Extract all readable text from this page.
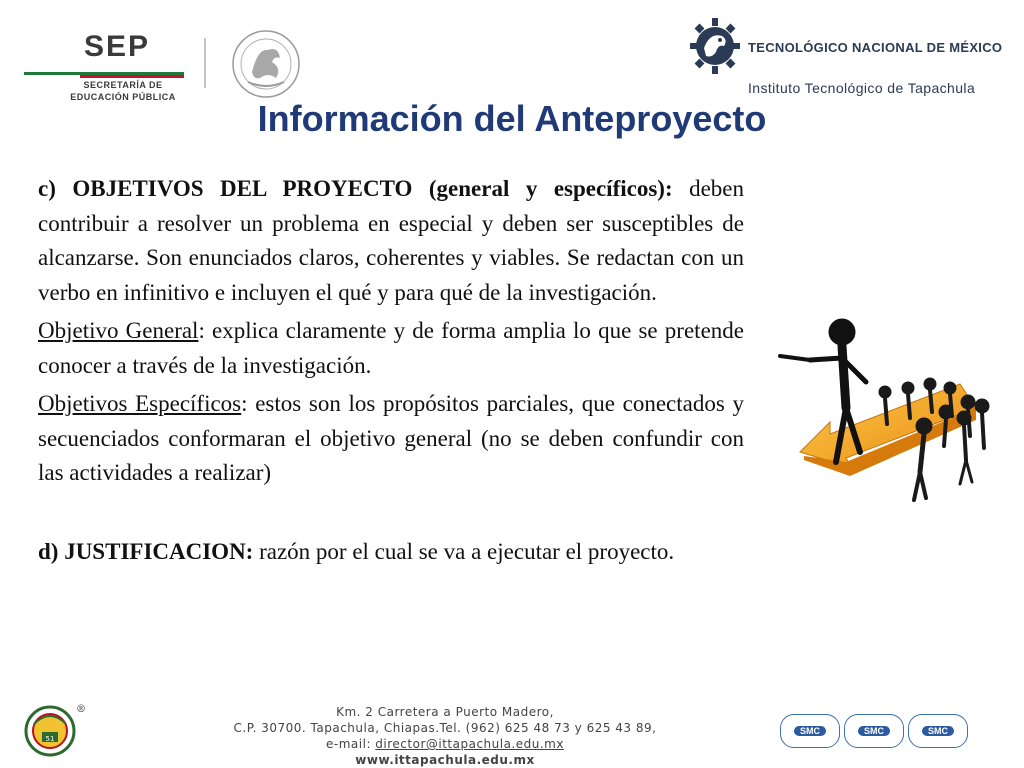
SEP
SECRETARÍA DE
EDUCACIÓN PÚBLICA
TECNOLÓGICO NACIONAL DE MÉXICO
Instituto Tecnológico de Tapachula
Información del Anteproyecto

c) OBJETIVOS DEL PROYECTO (general y específicos): deben contribuir a resolver un problema en especial y deben ser susceptibles de alcanzarse. Son enunciados claros, coherentes y viables. Se redactan con un verbo en infinitivo e incluyen el qué y para qué de la investigación.

Objetivo General: explica claramente y de forma amplia lo que se pretende conocer a través de la investigación.

Objetivos Específicos: estos son los propósitos parciales, que conectados y secuenciados conformaran el objetivo general (no se deben confundir con las actividades a realizar)

d) JUSTIFICACION: razón por el cual se va a ejecutar el proyecto.

51
®	Km. 2 Carretera a Puerto Madero,
C.P. 30700. Tapachula, Chiapas.Tel. (962) 625 48 73 y 625 43 89,
e-mail: director@ittapachula.edu.mx
www.ittapachula.edu.mx
SMC	SMC	SMC
